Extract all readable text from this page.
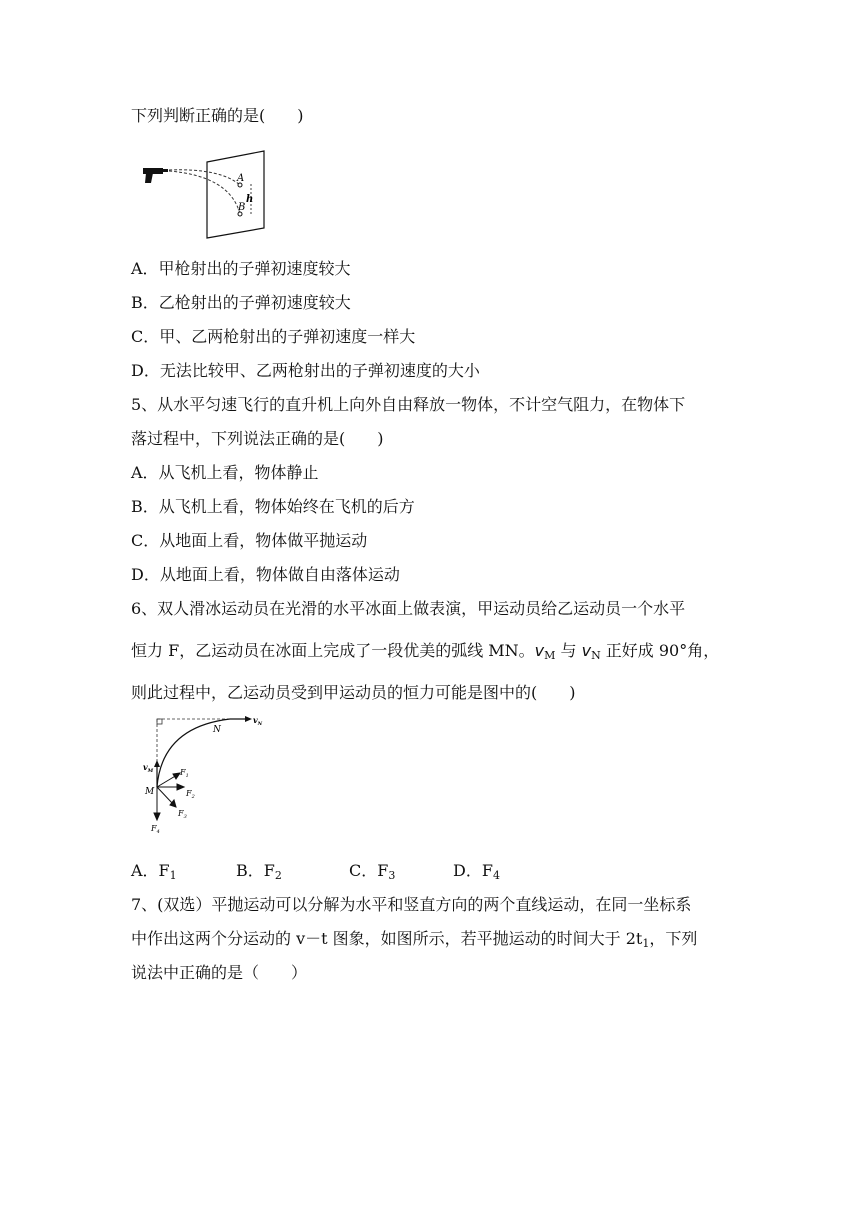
下列判断正确的是(　　)
A
B
h
A．甲枪射出的子弹初速度较大
B．乙枪射出的子弹初速度较大
C．甲、乙两枪射出的子弹初速度一样大
D．无法比较甲、乙两枪射出的子弹初速度的大小
5、从水平匀速飞行的直升机上向外自由释放一物体，不计空气阻力，在物体下
落过程中，下列说法正确的是(　　)
A．从飞机上看，物体静止
B．从飞机上看，物体始终在飞机的后方
C．从地面上看，物体做平抛运动
D．从地面上看，物体做自由落体运动
6、双人滑冰运动员在光滑的水平冰面上做表演，甲运动员给乙运动员一个水平
恒力 F，乙运动员在冰面上完成了一段优美的弧线 MN。$v_M$ 与 $v_N$ 正好成 90°角，
则此过程中，乙运动员受到甲运动员的恒力可能是图中的(　　)
$v_N$
N
$v_M$
M
$F_1$
$F_2$
$F_3$
$F_4$
A．F1	B．F2	C．F3	D．F4
7、(双选）平抛运动可以分解为水平和竖直方向的两个直线运动，在同一坐标系
中作出这两个分运动的 v－t 图象，如图所示，若平抛运动的时间大于 $2t_1$，下列
说法中正确的是（　　）
